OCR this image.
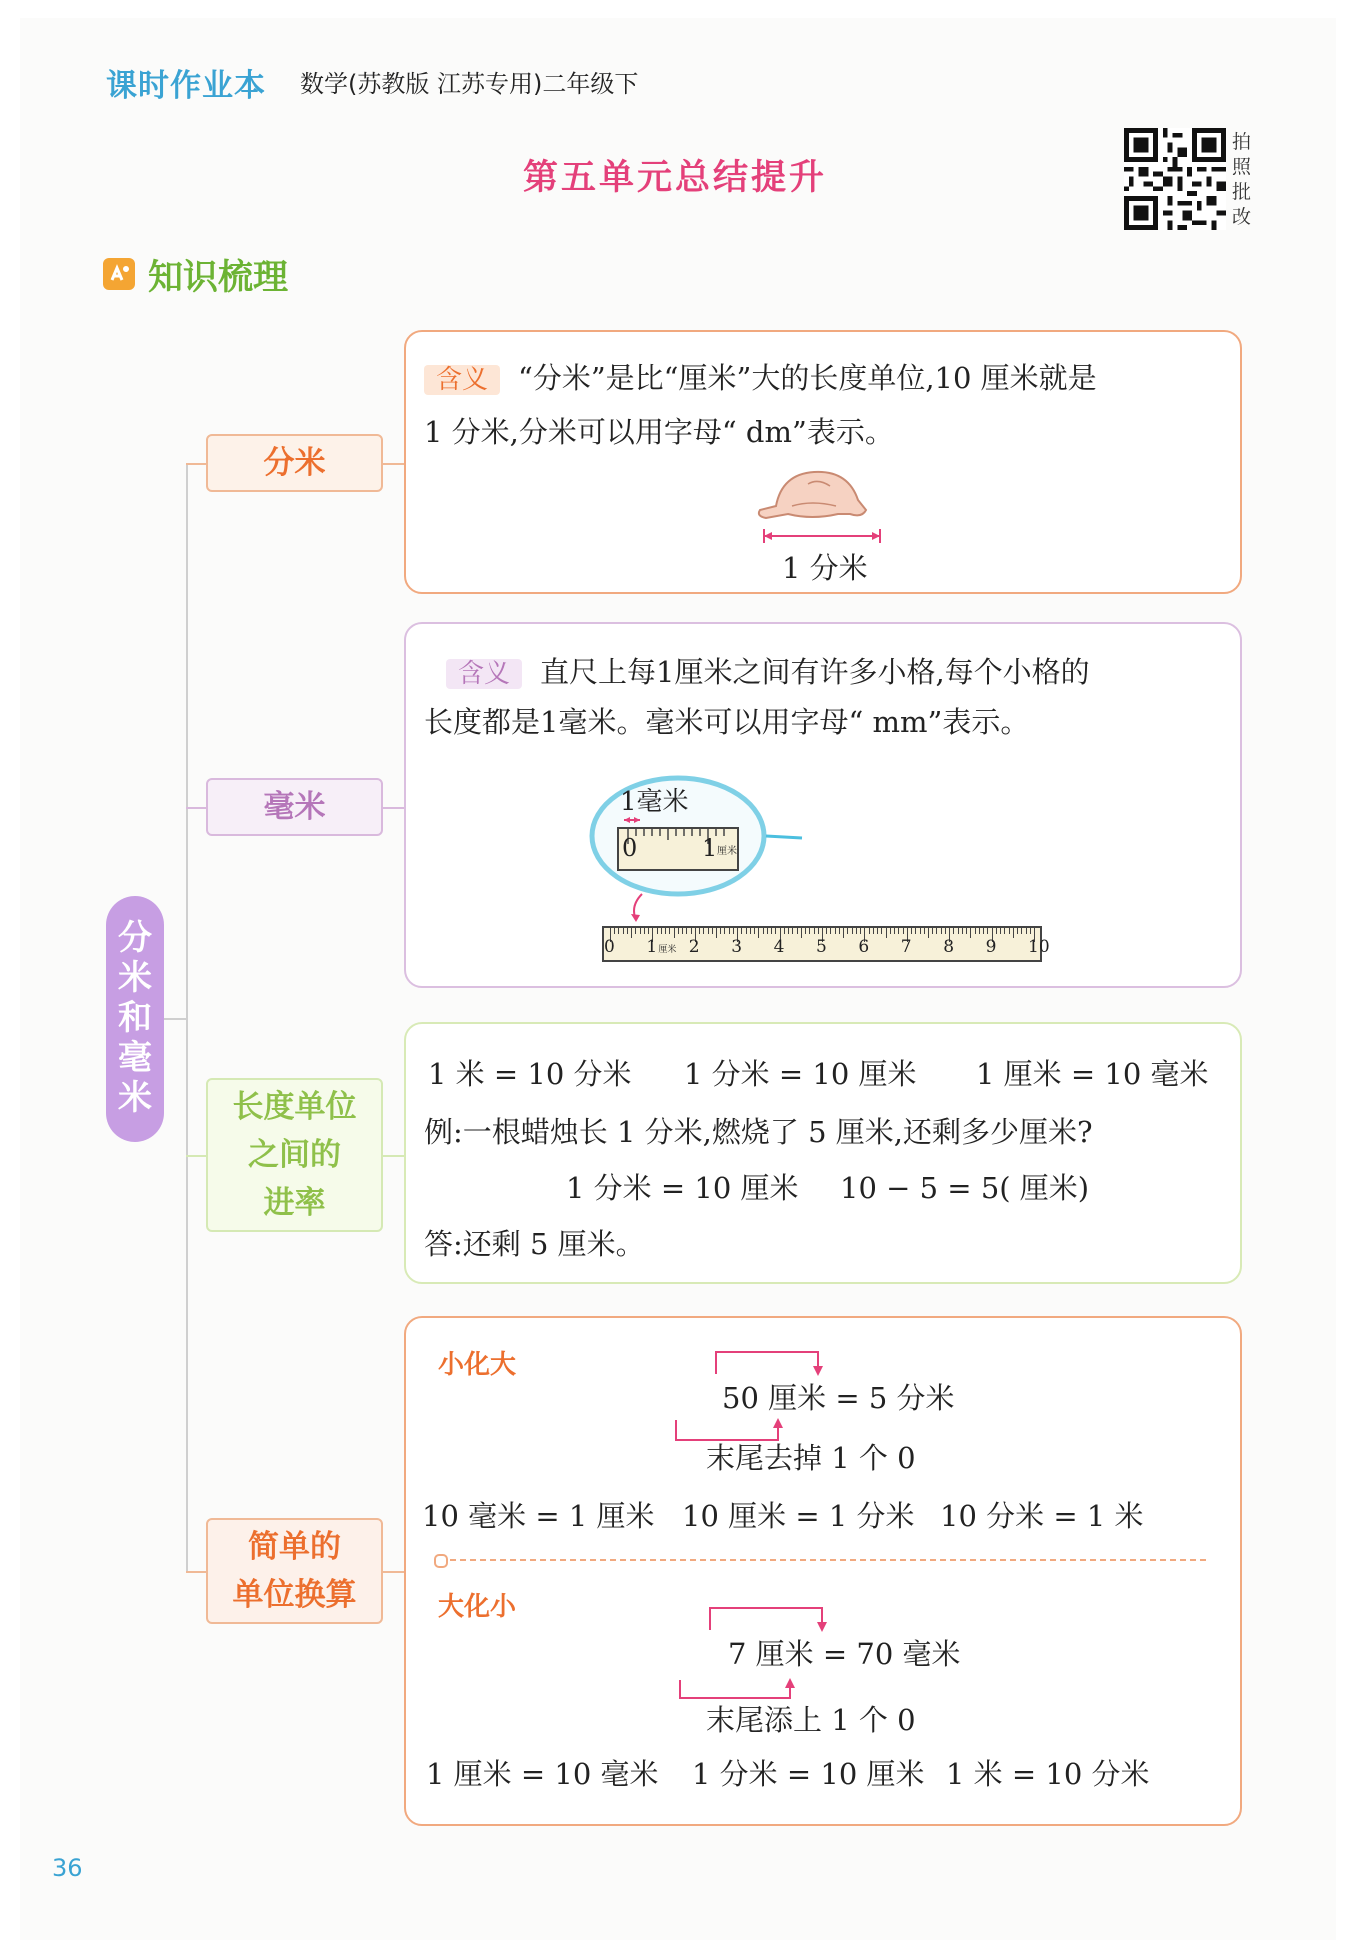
课时作业本 数学(苏教版 江苏专用)二年级下
第五单元总结提升
拍照批改
知识梳理
分
米
和
毫
米
分米
毫米
长度单位
之间的
进率
简单的
单位换算
含义 “分米”是比“厘米”大的长度单位,10 厘米就是
1 分米,分米可以用字母“ dm”表示。
1 分米
含义 直尺上每1厘米之间有许多小格,每个小格的
长度都是1毫米。毫米可以用字母“ mm”表示。
1毫米
0	1 厘米
0 1 2 3 4 5 6 7 8 9 10
厘米
1 米 = 10 分米 1 分米 = 10 厘米 1 厘米 = 10 毫米
例:一根蜡烛长 1 分米,燃烧了 5 厘米,还剩多少厘米?
1 分米 = 10 厘米 10 − 5 = 5( 厘米)
答:还剩 5 厘米。
小化大
50 厘米 = 5 分米
末尾去掉 1 个 0
10 毫米 = 1 厘米 10 厘米 = 1 分米 10 分米 = 1 米
大化小
7 厘米 = 70 毫米
末尾添上 1 个 0
1 厘米 = 10 毫米 1 分米 = 10 厘米 1 米 = 10 分米
36
